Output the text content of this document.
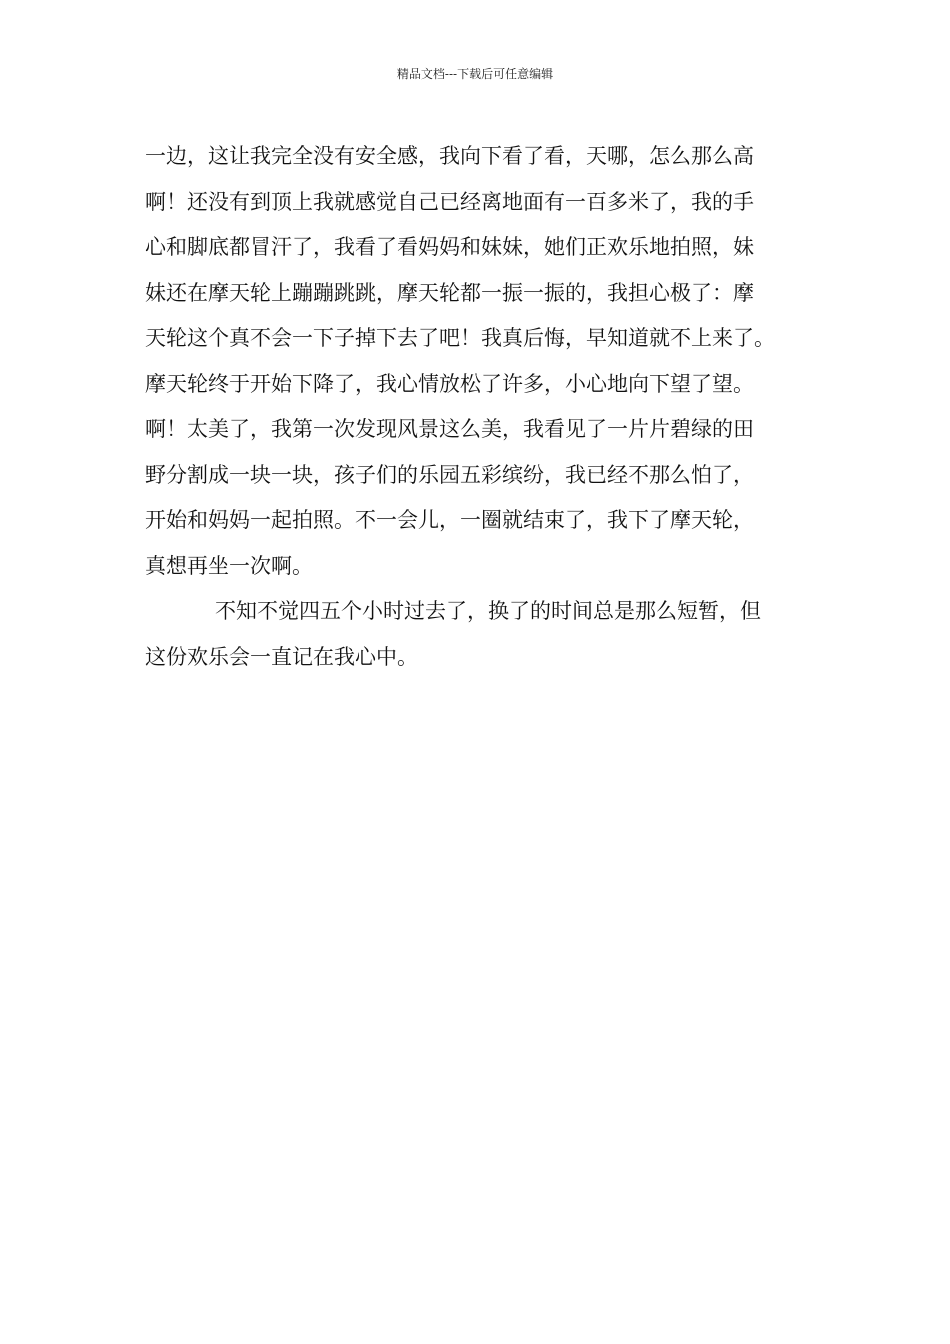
精品文档---下载后可任意编辑
一边，这让我完全没有安全感，我向下看了看，天哪，怎么那么高
啊！还没有到顶上我就感觉自己已经离地面有一百多米了，我的手
心和脚底都冒汗了，我看了看妈妈和妹妹，她们正欢乐地拍照，妹
妹还在摩天轮上蹦蹦跳跳，摩天轮都一振一振的，我担心极了：摩
天轮这个真不会一下子掉下去了吧！我真后悔，早知道就不上来了。
摩天轮终于开始下降了，我心情放松了许多，小心地向下望了望。
啊！太美了，我第一次发现风景这么美，我看见了一片片碧绿的田
野分割成一块一块，孩子们的乐园五彩缤纷，我已经不那么怕了，
开始和妈妈一起拍照。不一会儿，一圈就结束了，我下了摩天轮，
真想再坐一次啊。
不知不觉四五个小时过去了，换了的时间总是那么短暂，但
这份欢乐会一直记在我心中。
